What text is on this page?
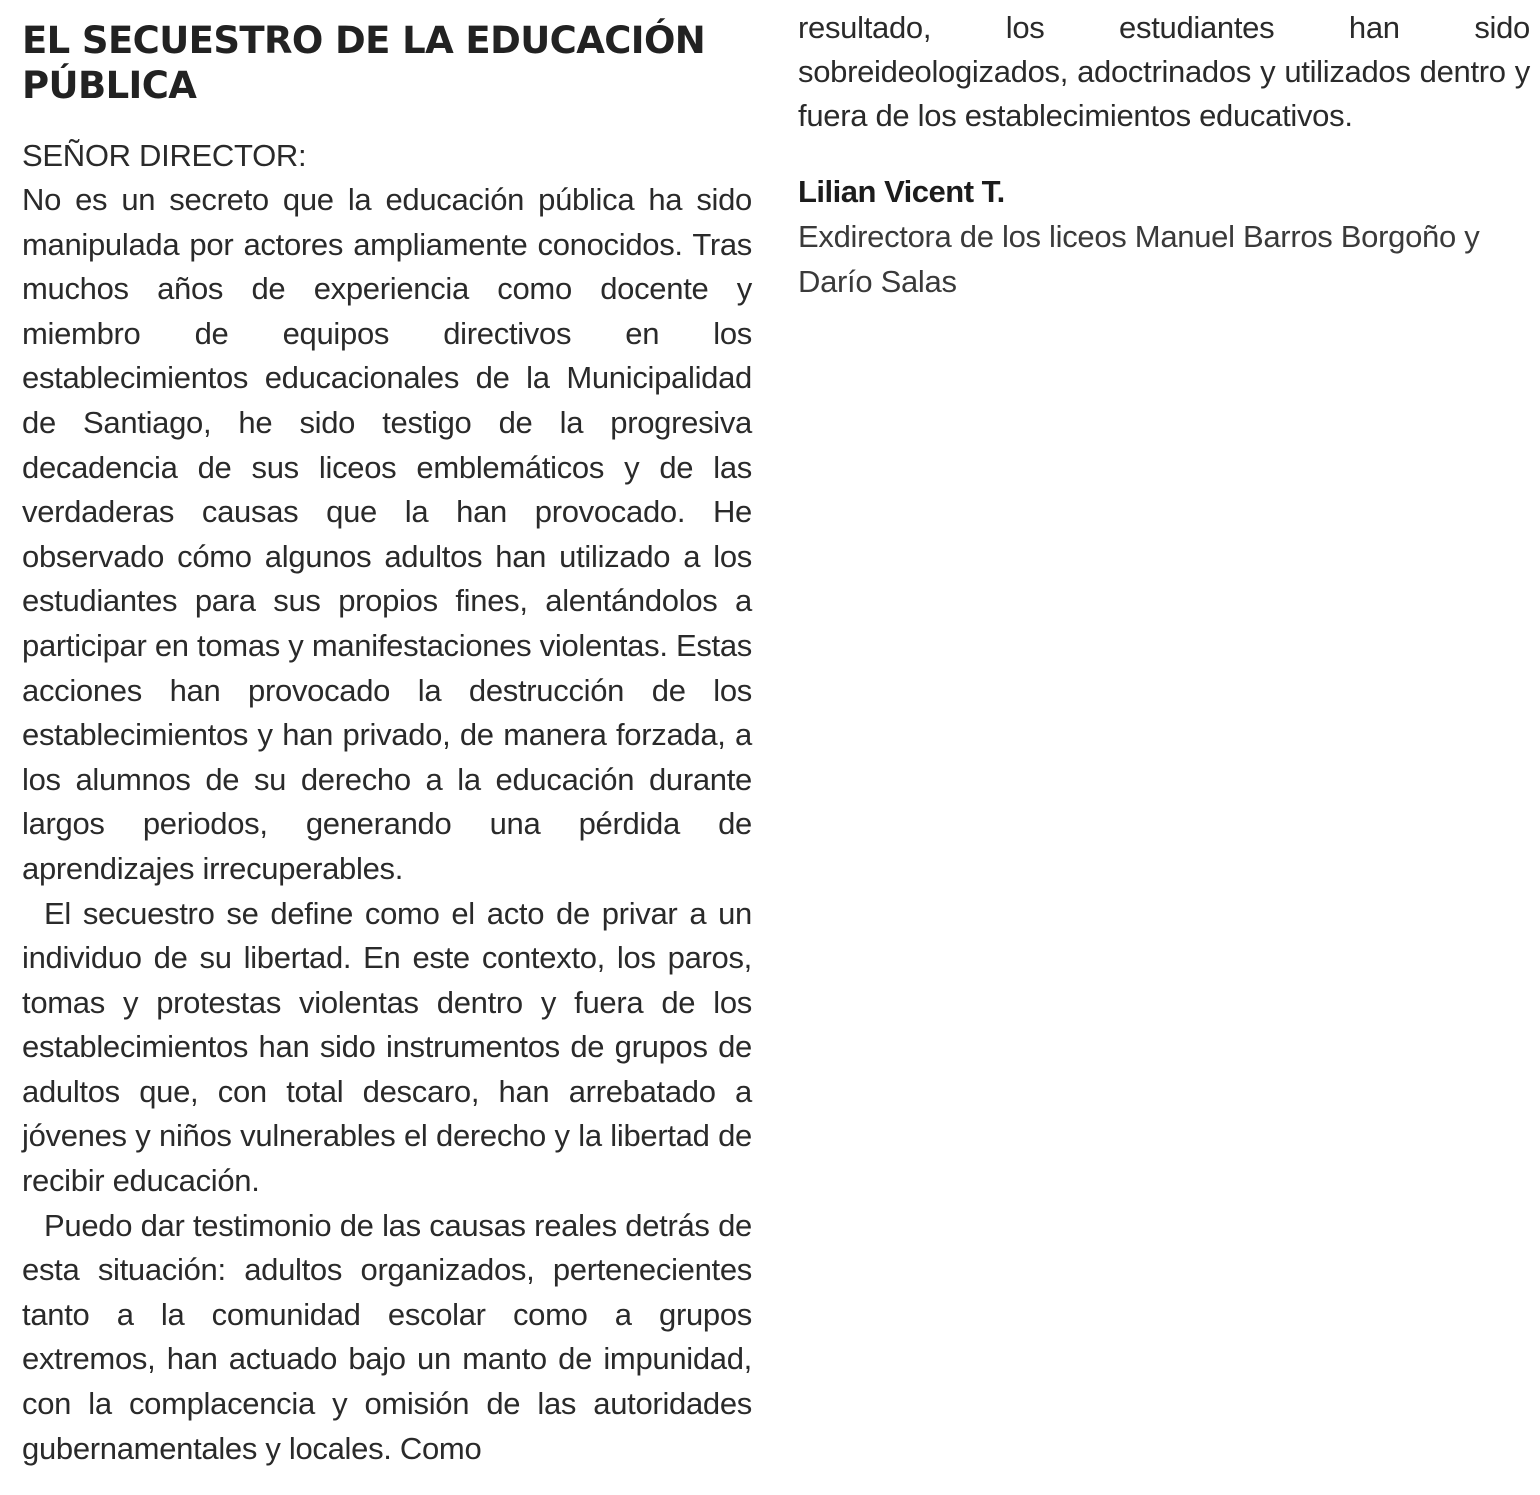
EL SECUESTRO DE LA EDUCACIÓN PÚBLICA

SEÑOR DIRECTOR:

No es un secreto que la educación pública ha sido manipulada por actores ampliamente conocidos. Tras muchos años de experiencia como docente y miembro de equipos directivos en los establecimientos educacionales de la Municipalidad de Santiago, he sido testigo de la progresiva decadencia de sus liceos emblemáticos y de las verdaderas causas que la han provocado. He observado cómo algunos adultos han utilizado a los estudiantes para sus propios fines, alentándolos a participar en tomas y manifestaciones violentas. Estas acciones han provocado la destrucción de los establecimientos y han privado, de manera forzada, a los alumnos de su derecho a la educación durante largos periodos, generando una pérdida de aprendizajes irrecuperables.

El secuestro se define como el acto de privar a un individuo de su libertad. En este contexto, los paros, tomas y protestas violentas dentro y fuera de los establecimientos han sido instrumentos de grupos de adultos que, con total descaro, han arrebatado a jóvenes y niños vulnerables el derecho y la libertad de recibir educación.

Puedo dar testimonio de las causas reales detrás de esta situación: adultos organizados, pertenecientes tanto a la comunidad escolar como a grupos extremos, han actuado bajo un manto de impunidad, con la complacencia y omisión de las autoridades gubernamentales y locales. Como

resultado, los estudiantes han sido sobreideologizados, adoctrinados y utilizados dentro y fuera de los establecimientos educativos.

Lilian Vicent T.

Exdirectora de los liceos Manuel Barros Borgoño y Darío Salas
